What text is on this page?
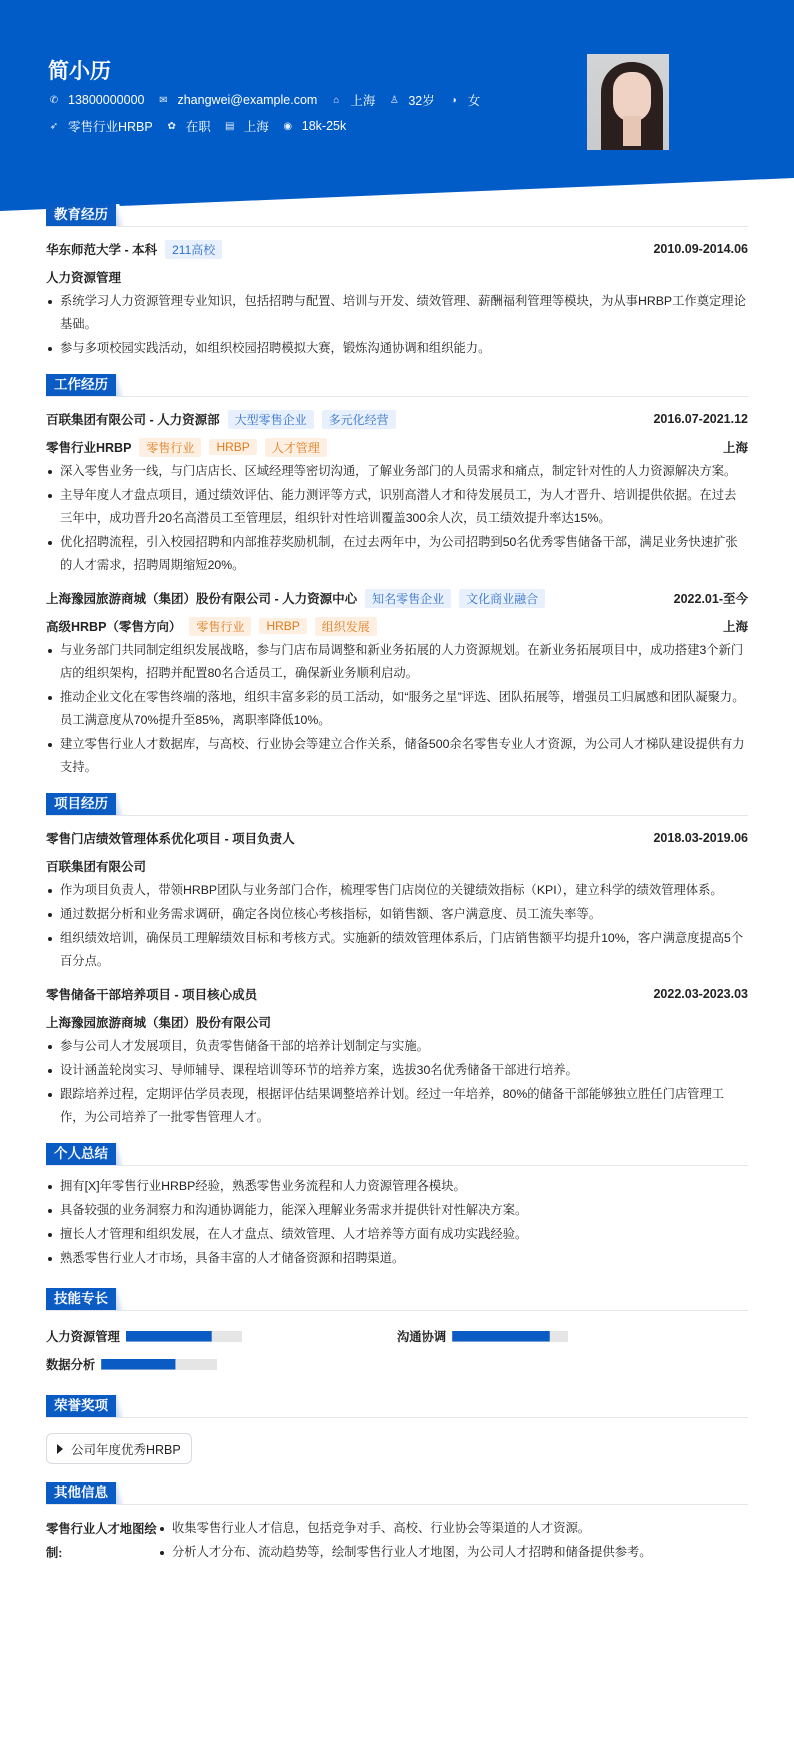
简小历
✆ 13800000000 ✉ zhangwei@example.com ⌂ 上海 ♙ 32岁 ◑ 女
➶ 零售行业HRBP ✿ 在职 ▤ 上海 ◉ 18k-25k
教育经历
华东师范大学 - 本科	211高校	2010.09-2014.06
人力资源管理
系统学习人力资源管理专业知识，包括招聘与配置、培训与开发、绩效管理、薪酬福利管理等模块，为从事HRBP工作奠定理论基础。
参与多项校园实践活动，如组织校园招聘模拟大赛，锻炼沟通协调和组织能力。
工作经历
百联集团有限公司 - 人力资源部	大型零售企业	多元化经营	2016.07-2021.12
零售行业HRBP	零售行业	HRBP	人才管理	上海
深入零售业务一线，与门店店长、区域经理等密切沟通，了解业务部门的人员需求和痛点，制定针对性的人力资源解决方案。
主导年度人才盘点项目，通过绩效评估、能力测评等方式，识别高潜人才和待发展员工，为人才晋升、培训提供依据。在过去三年中，成功晋升20名高潜员工至管理层，组织针对性培训覆盖300余人次，员工绩效提升率达15%。
优化招聘流程，引入校园招聘和内部推荐奖励机制，在过去两年中，为公司招聘到50名优秀零售储备干部，满足业务快速扩张的人才需求，招聘周期缩短20%。
上海豫园旅游商城（集团）股份有限公司 - 人力资源中心	知名零售企业	文化商业融合	2022.01-至今
高级HRBP（零售方向）	零售行业	HRBP	组织发展	上海
与业务部门共同制定组织发展战略，参与门店布局调整和新业务拓展的人力资源规划。在新业务拓展项目中，成功搭建3个新门店的组织架构，招聘并配置80名合适员工，确保新业务顺利启动。
推动企业文化在零售终端的落地，组织丰富多彩的员工活动，如“服务之星”评选、团队拓展等，增强员工归属感和团队凝聚力。员工满意度从70%提升至85%，离职率降低10%。
建立零售行业人才数据库，与高校、行业协会等建立合作关系，储备500余名零售专业人才资源，为公司人才梯队建设提供有力支持。
项目经历
零售门店绩效管理体系优化项目 - 项目负责人	2018.03-2019.06
百联集团有限公司
作为项目负责人，带领HRBP团队与业务部门合作，梳理零售门店岗位的关键绩效指标（KPI），建立科学的绩效管理体系。
通过数据分析和业务需求调研，确定各岗位核心考核指标，如销售额、客户满意度、员工流失率等。
组织绩效培训，确保员工理解绩效目标和考核方式。实施新的绩效管理体系后，门店销售额平均提升10%，客户满意度提高5个百分点。
零售储备干部培养项目 - 项目核心成员	2022.03-2023.03
上海豫园旅游商城（集团）股份有限公司
参与公司人才发展项目，负责零售储备干部的培养计划制定与实施。
设计涵盖轮岗实习、导师辅导、课程培训等环节的培养方案，选拔30名优秀储备干部进行培养。
跟踪培养过程，定期评估学员表现，根据评估结果调整培养计划。经过一年培养，80%的储备干部能够独立胜任门店管理工作，为公司培养了一批零售管理人才。
个人总结
拥有[X]年零售行业HRBP经验，熟悉零售业务流程和人力资源管理各模块。
具备较强的业务洞察力和沟通协调能力，能深入理解业务需求并提供针对性解决方案。
擅长人才管理和组织发展，在人才盘点、绩效管理、人才培养等方面有成功实践经验。
熟悉零售行业人才市场，具备丰富的人才储备资源和招聘渠道。
技能专长
人力资源管理	沟通协调
数据分析
荣誉奖项
公司年度优秀HRBP
其他信息
零售行业人才地图绘制:
收集零售行业人才信息，包括竞争对手、高校、行业协会等渠道的人才资源。
分析人才分布、流动趋势等，绘制零售行业人才地图，为公司人才招聘和储备提供参考。
